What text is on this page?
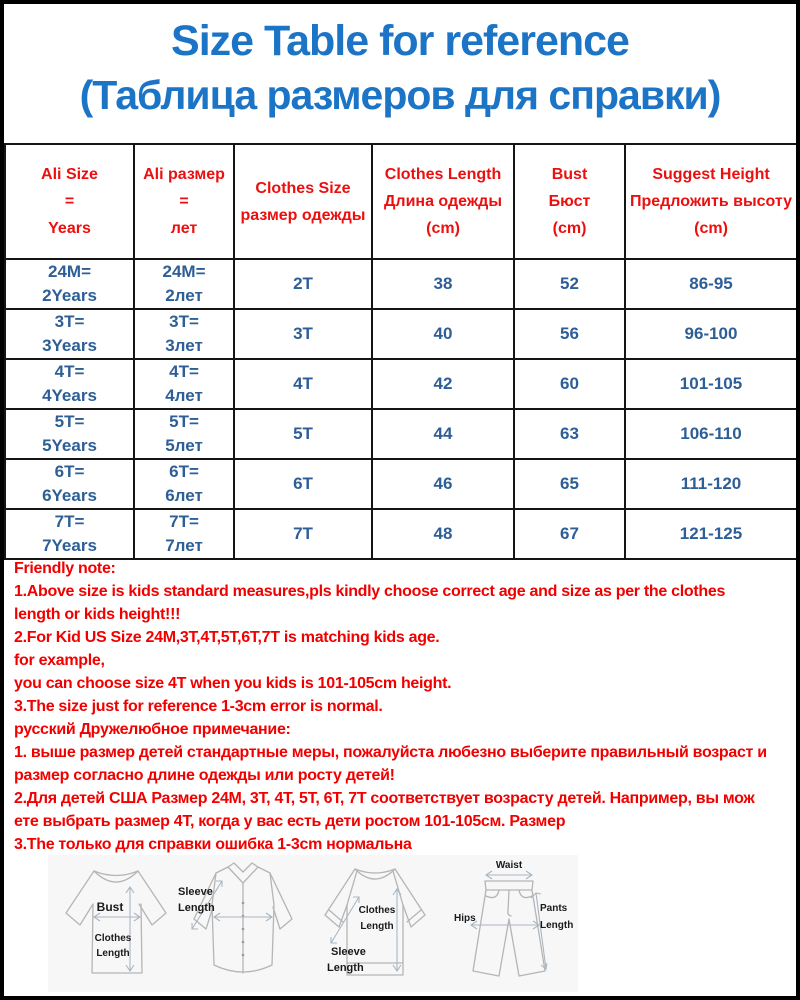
Size Table for reference
(Таблица размеров для справки)
Ali Size
=
Years	Ali размер
=
лет	Clothes Size
размер одежды	Clothes Length
Длина одежды
(cm)	Bust
Бюст
(cm)	Suggest Height
Предложить высоту
(cm)

24M=
2Years	24M=
2лет	2T	38	52	86-95

3T=
3Years	3T=
3лет	3T	40	56	96-100

4T=
4Years	4T=
4лет	4T	42	60	101-105

5T=
5Years	5T=
5лет	5T	44	63	106-110

6T=
6Years	6T=
6лет	6T	46	65	111-120

7T=
7Years	7T=
7лет	7T	48	67	121-125
Friendly note:
1.Above size is kids standard measures,pls kindly choose correct age and size as per the clothes
length or kids height!!!
2.For Kid US Size 24M,3T,4T,5T,6T,7T is matching kids age.
for example,
you can choose size 4T when you kids is 101-105cm height.
3.The size just for reference 1-3cm error is normal.
русский Дружелюбное примечание:
1. выше размер детей стандартные меры, пожалуйста любезно выберите правильный возраст и
размер согласно длине одежды или росту детей!
2.Для детей США Размер 24M, 3T, 4T, 5T, 6T, 7T соответствует возрасту детей. Например, вы мож
ете выбрать размер 4T, когда у вас есть дети ростом 101-105см. Размер
3.The только для справки ошибка 1-3cm нормальна
Bust
Clothes
Length
Sleeve
Length	Clothes
Length
Sleeve
Length
Waist
Hips
Pants
Length
